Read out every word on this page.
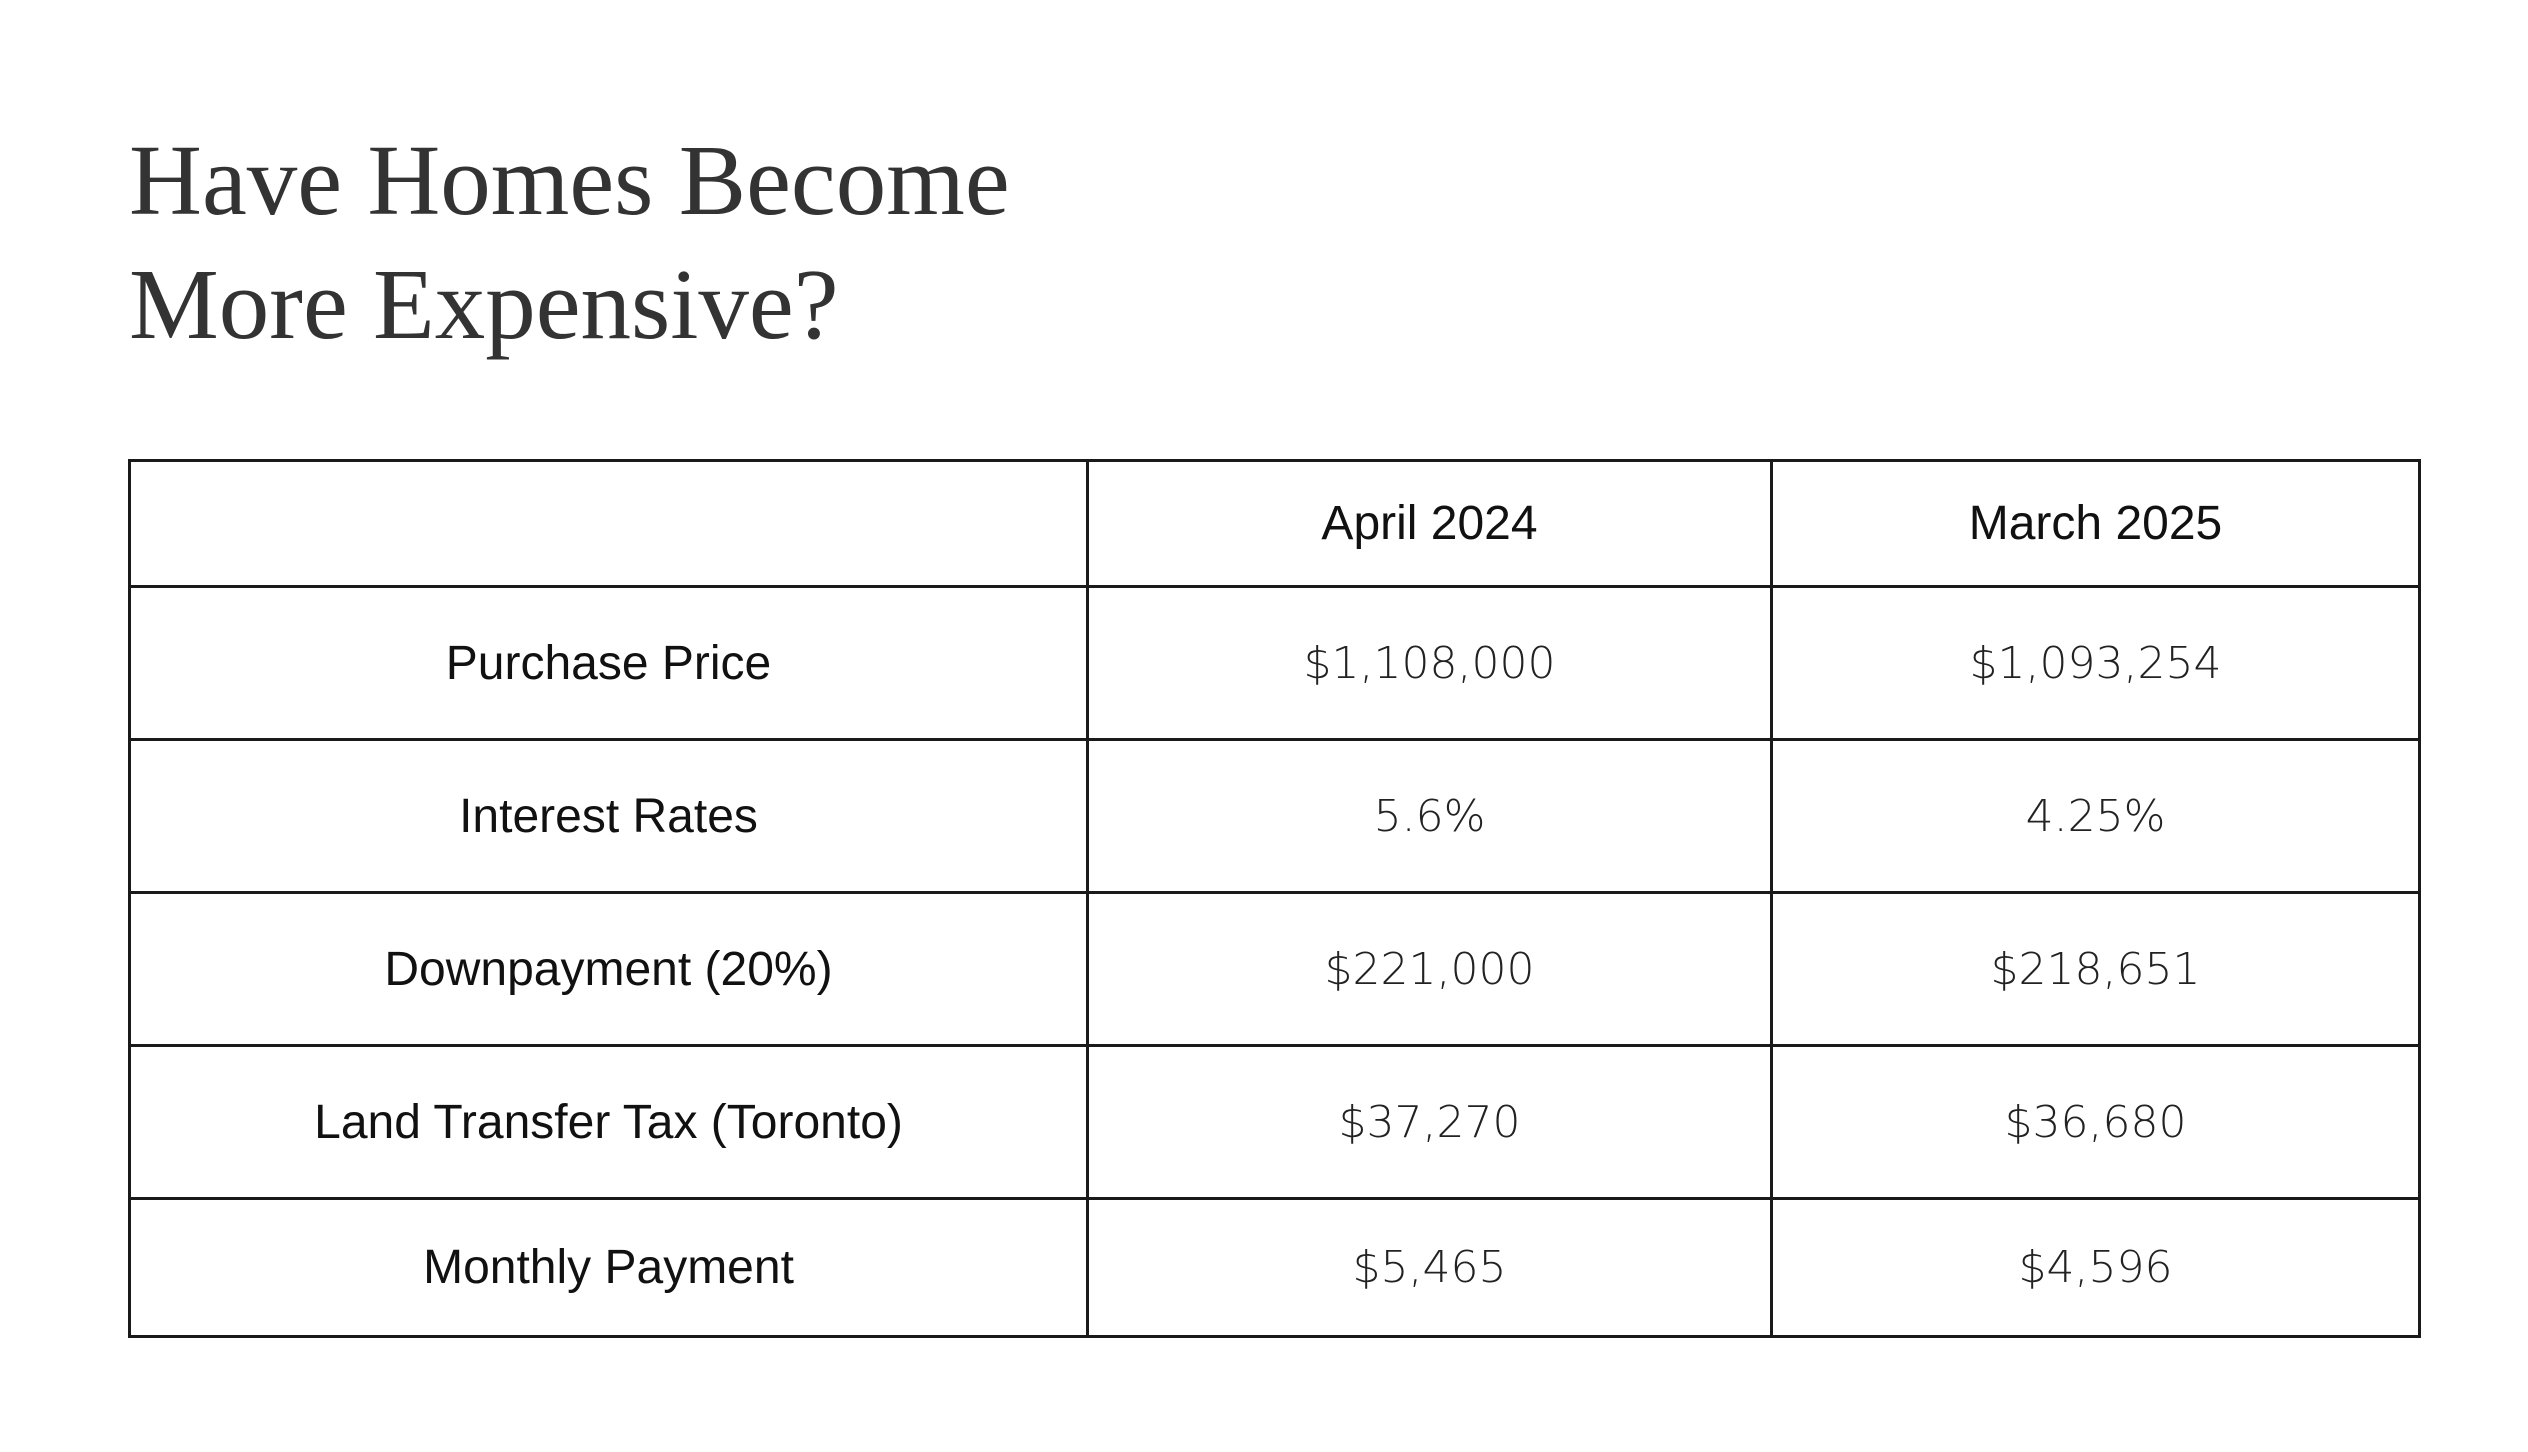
Have Homes Become
More Expensive?
	April 2024	March 2025
Purchase Price	$1,108,000	$1,093,254
Interest Rates	5.6%	4.25%
Downpayment (20%)	$221,000	$218,651
Land Transfer Tax (Toronto)	$37,270	$36,680
Monthly Payment	$5,465	$4,596
